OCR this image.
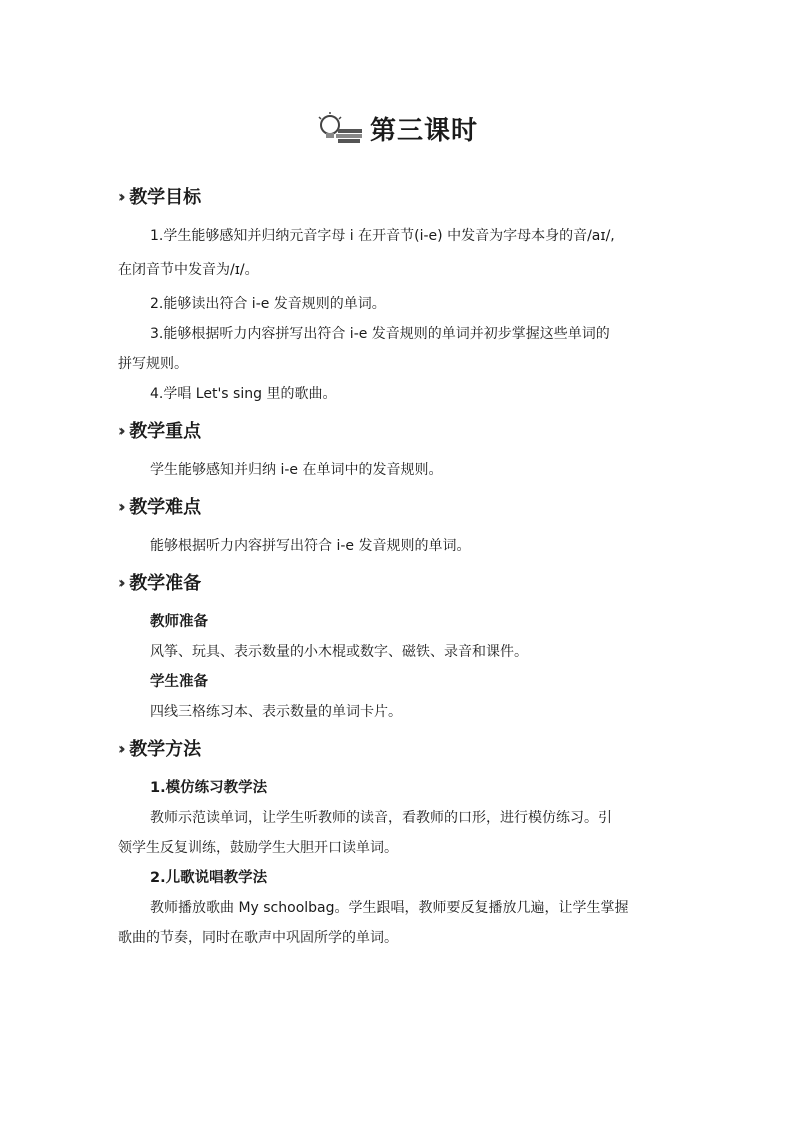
第三课时
›› 教学目标

1.学生能够感知并归纳元音字母 i 在开音节(i-e) 中发音为字母本身的音/aɪ/,

在闭音节中发音为/ɪ/。

2.能够读出符合 i-e 发音规则的单词。

3.能够根据听力内容拼写出符合 i-e 发音规则的单词并初步掌握这些单词的

拼写规则。

4.学唱 Let's sing 里的歌曲。

›› 教学重点

学生能够感知并归纳 i-e 在单词中的发音规则。

›› 教学难点

能够根据听力内容拼写出符合 i-e 发音规则的单词。

›› 教学准备

教师准备

风筝、玩具、表示数量的小木棍或数字、磁铁、录音和课件。

学生准备

四线三格练习本、表示数量的单词卡片。

›› 教学方法

1.模仿练习教学法

教师示范读单词，让学生听教师的读音，看教师的口形，进行模仿练习。引

领学生反复训练，鼓励学生大胆开口读单词。

2.儿歌说唱教学法

教师播放歌曲 My schoolbag。学生跟唱，教师要反复播放几遍，让学生掌握

歌曲的节奏，同时在歌声中巩固所学的单词。
